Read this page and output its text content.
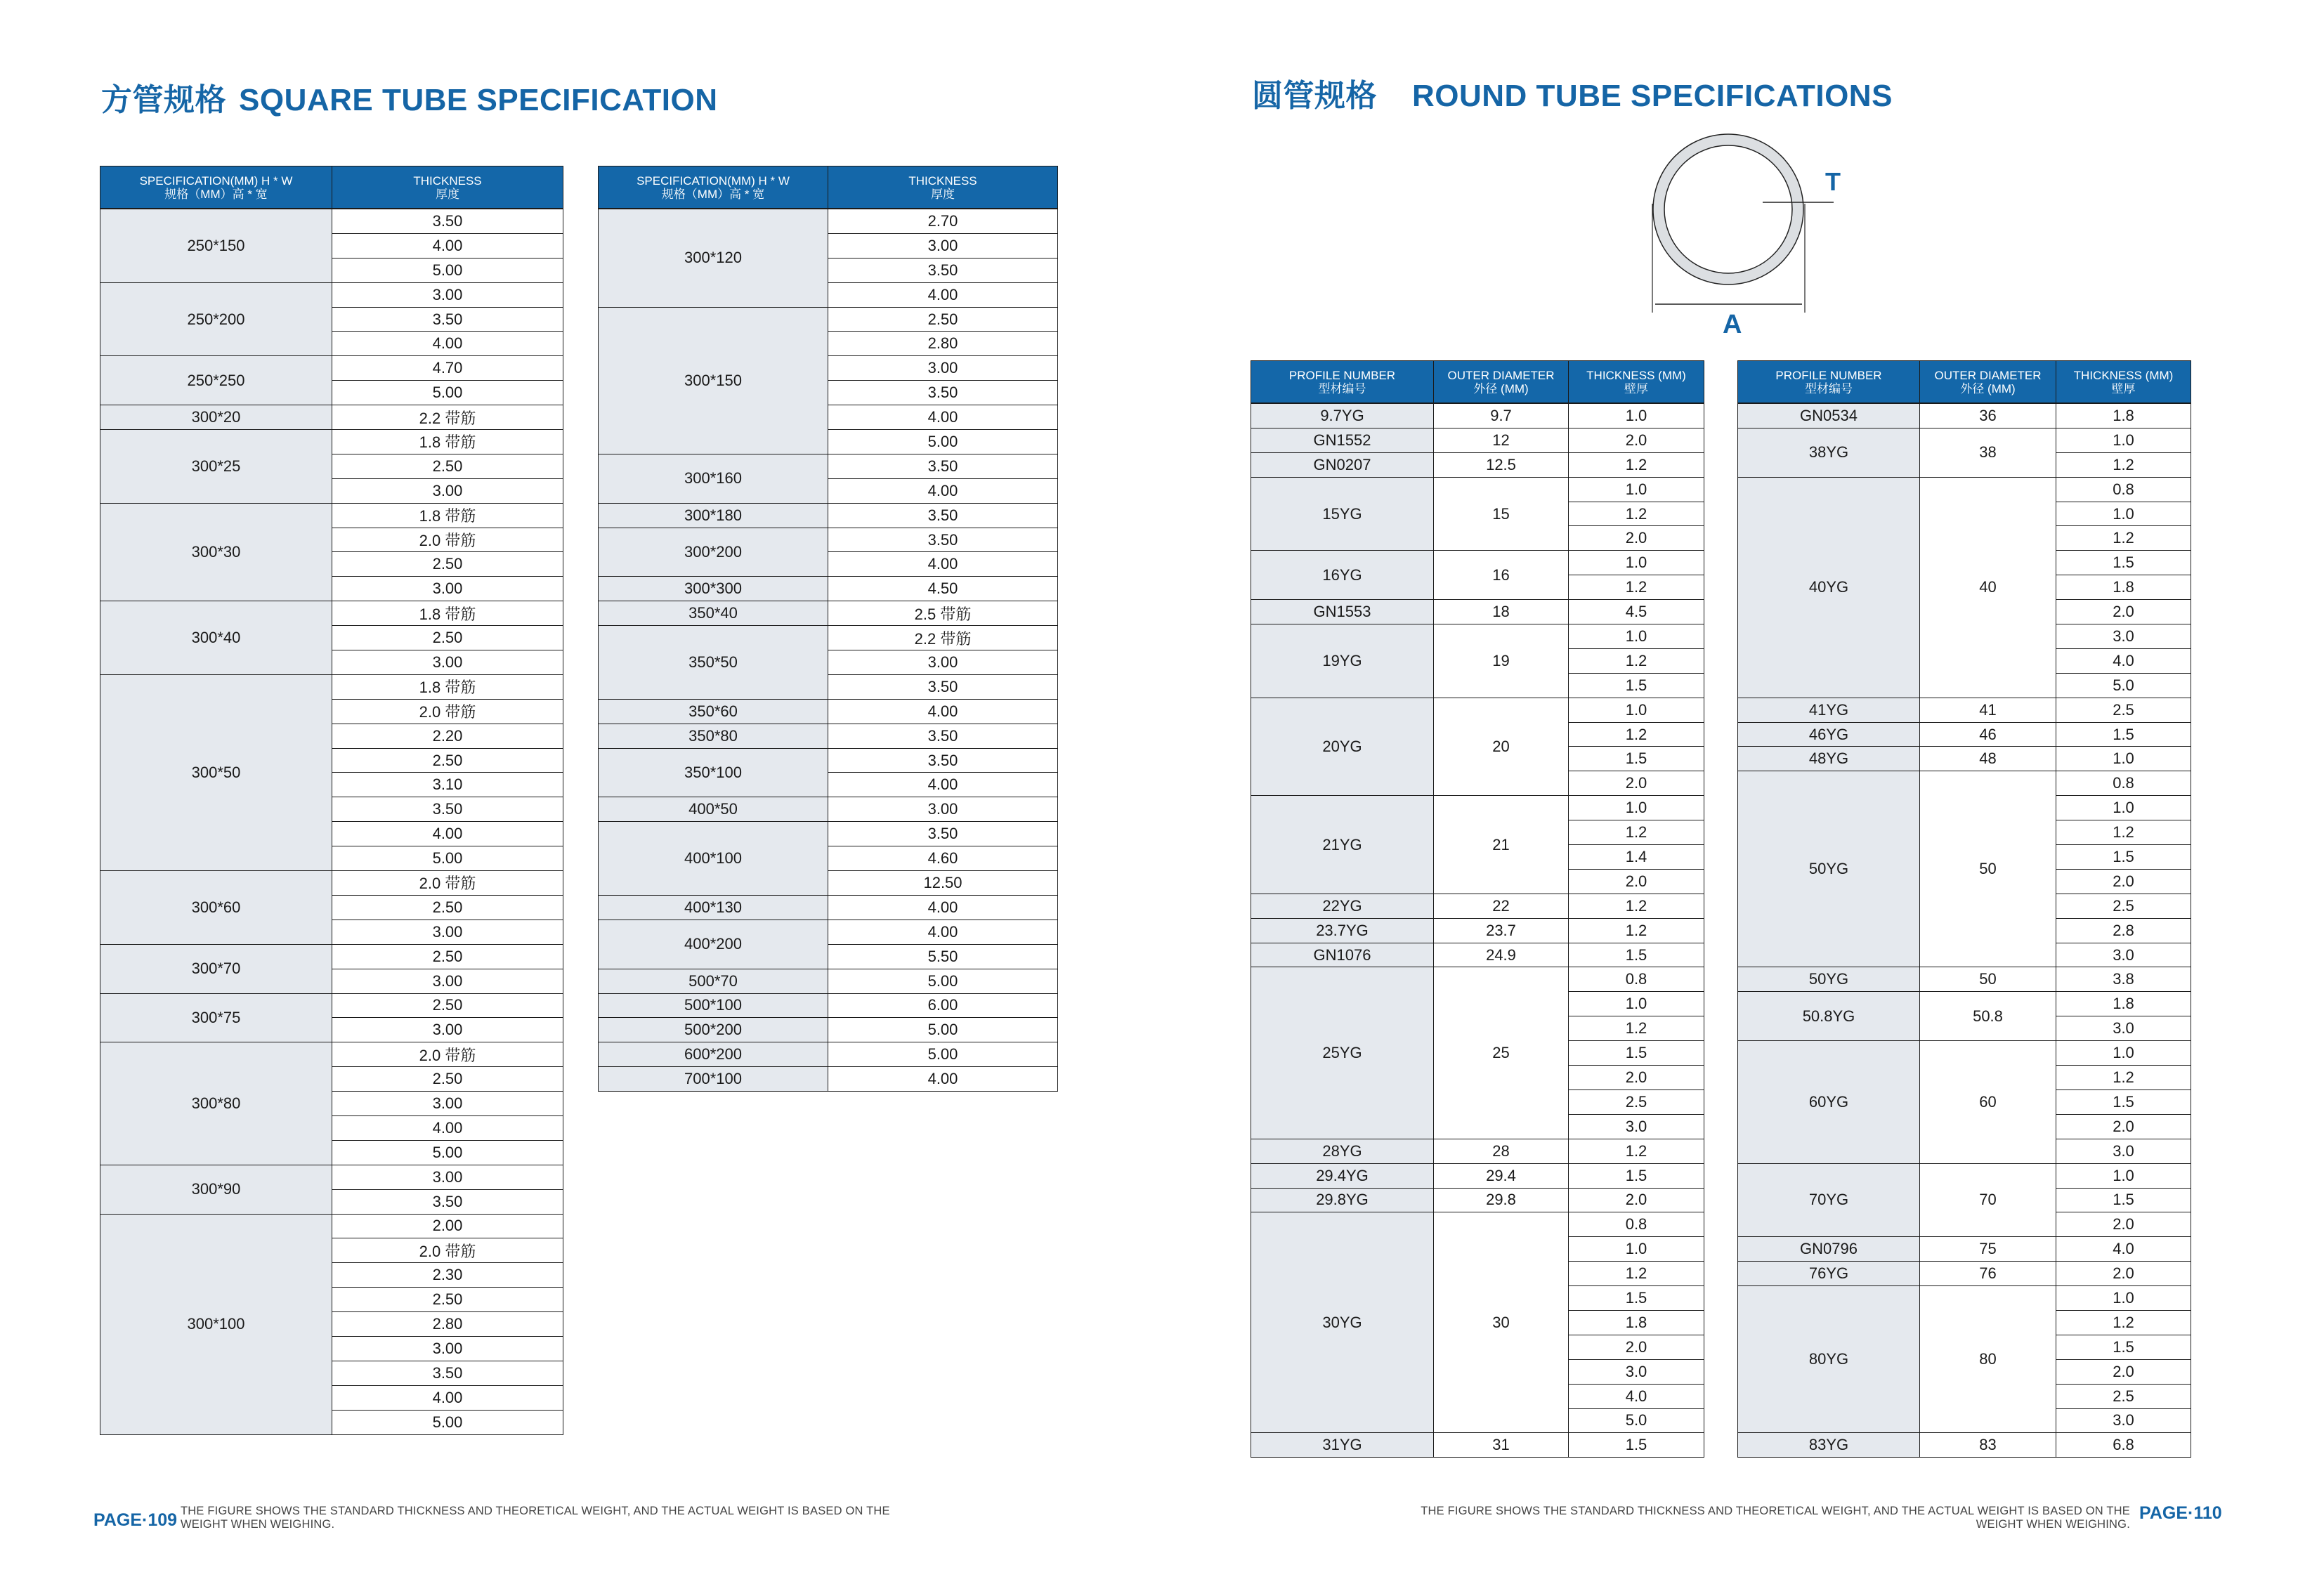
方管规格 SQUARE TUBE SPECIFICATION
SPECIFICATION(MM) H * W
规格（MM）高 * 宽	THICKNESS
厚度

250*150	3.50
	4.00
	5.00
250*200	3.00
	3.50
	4.00
250*250	4.70
	5.00
300*20	2.2 带筋
300*25	1.8 带筋
	2.50
	3.00
300*30	1.8 带筋
	2.0 带筋
	2.50
	3.00
300*40	1.8 带筋
	2.50
	3.00
300*50	1.8 带筋
	2.0 带筋
	2.20
	2.50
	3.10
	3.50
	4.00
	5.00
300*60	2.0 带筋
	2.50
	3.00
300*70	2.50
	3.00
300*75	2.50
	3.00
300*80	2.0 带筋
	2.50
	3.00
	4.00
	5.00
300*90	3.00
	3.50
300*100	2.00
	2.0 带筋
	2.30
	2.50
	2.80
	3.00
	3.50
	4.00
	5.00
SPECIFICATION(MM) H * W
规格（MM）高 * 宽	THICKNESS
厚度

300*120	2.70
	3.00
	3.50
	4.00
300*150	2.50
	2.80
	3.00
	3.50
	4.00
	5.00
300*160	3.50
	4.00
300*180	3.50
300*200	3.50
	4.00
300*300	4.50
350*40	2.5 带筋
350*50	2.2 带筋
	3.00
	3.50
350*60	4.00
350*80	3.50
350*100	3.50
	4.00
400*50	3.00
400*100	3.50
	4.60
	12.50
400*130	4.00
400*200	4.00
	5.50
500*70	5.00
500*100	6.00
500*200	5.00
600*200	5.00
700*100	4.00
PAGE·109 THE FIGURE SHOWS THE STANDARD THICKNESS AND THEORETICAL WEIGHT, AND THE ACTUAL WEIGHT IS BASED ON THE
WEIGHT WHEN WEIGHING.
圆管规格 ROUND TUBE SPECIFICATIONS
T
A
PROFILE NUMBER
型材编号	OUTER DIAMETER
外径 (MM)	THICKNESS (MM)
壁厚

9.7YG	9.7	1.0
GN1552	12	2.0
GN0207	12.5	1.2
15YG	15	1.0
		1.2
		2.0
16YG	16	1.0
		1.2
GN1553	18	4.5
19YG	19	1.0
		1.2
		1.5
20YG	20	1.0
		1.2
		1.5
		2.0
21YG	21	1.0
		1.2
		1.4
		2.0
22YG	22	1.2
23.7YG	23.7	1.2
GN1076	24.9	1.5
25YG	25	0.8
		1.0
		1.2
		1.5
		2.0
		2.5
		3.0
28YG	28	1.2
29.4YG	29.4	1.5
29.8YG	29.8	2.0
30YG	30	0.8
		1.0
		1.2
		1.5
		1.8
		2.0
		3.0
		4.0
		5.0
31YG	31	1.5
PROFILE NUMBER
型材编号	OUTER DIAMETER
外径 (MM)	THICKNESS (MM)
壁厚

GN0534	36	1.8
38YG	38	1.0
		1.2
40YG	40	0.8
		1.0
		1.2
		1.5
		1.8
		2.0
		3.0
		4.0
		5.0
41YG	41	2.5
46YG	46	1.5
48YG	48	1.0
50YG	50	0.8
		1.0
		1.2
		1.5
		2.0
		2.5
		2.8
		3.0
50YG	50	3.8
50.8YG	50.8	1.8
		3.0
60YG	60	1.0
		1.2
		1.5
		2.0
		3.0
70YG	70	1.0
		1.5
		2.0
GN0796	75	4.0
76YG	76	2.0
80YG	80	1.0
		1.2
		1.5
		2.0
		2.5
		3.0
83YG	83	6.8
THE FIGURE SHOWS THE STANDARD THICKNESS AND THEORETICAL WEIGHT, AND THE ACTUAL WEIGHT IS BASED ON THE
WEIGHT WHEN WEIGHING.
PAGE·110
